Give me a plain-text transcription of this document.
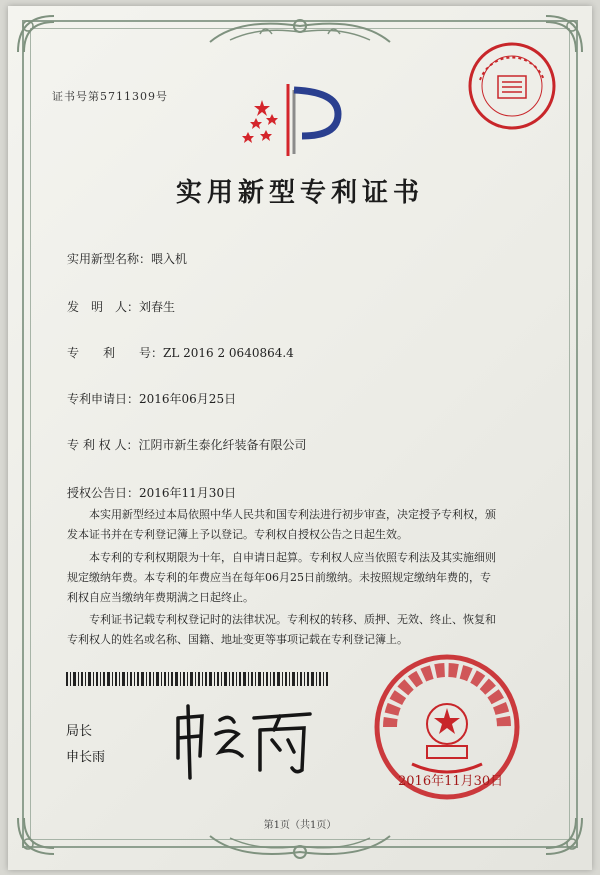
证书号第5711309号
实用新型专利证书
实用新型名称：喂入机
发　明　人：刘春生
专　　利　　号：ZL 2016 2 0640864.4
专利申请日：2016年06月25日
专 利 权 人：江阴市新生泰化纤装备有限公司
授权公告日：2016年11月30日
　　本实用新型经过本局依照中华人民共和国专利法进行初步审查，决定授予专利权，颁
发本证书并在专利登记簿上予以登记。专利权自授权公告之日起生效。
　　本专利的专利权期限为十年，自申请日起算。专利权人应当依照专利法及其实施细则
规定缴纳年费。本专利的年费应当在每年06月25日前缴纳。未按照规定缴纳年费的，专
利权自应当缴纳年费期满之日起终止。
　　专利证书记载专利权登记时的法律状况。专利权的转移、质押、无效、终止、恢复和
专利权人的姓名或名称、国籍、地址变更等事项记载在专利登记簿上。
局长
申长雨
2016年11月30日
第1页（共1页）
